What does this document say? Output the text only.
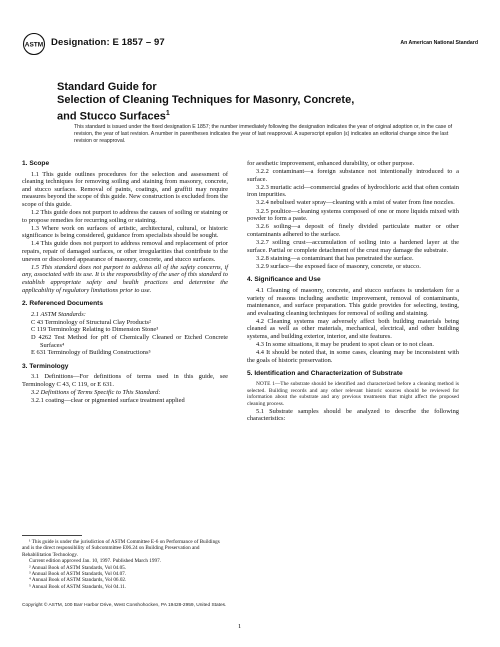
ASTM Designation: E 1857 – 97	An American National Standard
Standard Guide for
Selection of Cleaning Techniques for Masonry, Concrete,
and Stucco Surfaces$^1$
This standard is issued under the fixed designation E 1857; the number immediately following the designation indicates the year of original adoption or, in the case of revision, the year of last revision. A number in parentheses indicates the year of last reapproval. A superscript epsilon (ε) indicates an editorial change since the last revision or reapproval.

1. Scope

1.1 This guide outlines procedures for the selection and assessment of cleaning techniques for removing soiling and staining from masonry, concrete, and stucco surfaces. Removal of paints, coatings, and graffiti may require measures beyond the scope of this guide. New construction is excluded from the scope of this guide.

1.2 This guide does not purport to address the causes of soiling or staining or to propose remedies for recurring soiling or staining.

1.3 Where work on surfaces of artistic, architectural, cultural, or historic significance is being considered, guidance from specialists should be sought.

1.4 This guide does not purport to address removal and replacement of prior repairs, repair of damaged surfaces, or other irregularities that contribute to the uneven or discolored appearance of masonry, concrete, and stucco surfaces.

1.5 This standard does not purport to address all of the safety concerns, if any, associated with its use. It is the responsibility of the user of this standard to establish appropriate safety and health practices and determine the applicability of regulatory limitations prior to use.

2. Referenced Documents

2.1 ASTM Standards:

C 43 Terminology of Structural Clay Products²

C 119 Terminology Relating to Dimension Stone³

D 4262 Test Method for pH of Chemically Cleaned or Etched Concrete Surfaces⁴

E 631 Terminology of Building Constructions⁵

3. Terminology

3.1 Definitions—For definitions of terms used in this guide, see Terminology C 43, C 119, or E 631.

3.2 Definitions of Terms Specific to This Standard:

3.2.1 coating—clear or pigmented surface treatment applied

¹ This guide is under the jurisdiction of ASTM Committee E-6 on Performance of Buildings and is the direct responsibility of Subcommittee E06.24 on Building Preservation and Rehabilitation Technology.

Current edition approved Jan. 10, 1997. Published March 1997.

² Annual Book of ASTM Standards, Vol 04.05.

³ Annual Book of ASTM Standards, Vol 04.07.

⁴ Annual Book of ASTM Standards, Vol 06.02.

⁵ Annual Book of ASTM Standards, Vol 04.11.

for aesthetic improvement, enhanced durability, or other purpose.

3.2.2 contaminant—a foreign substance not intentionally introduced to a surface.

3.2.3 muriatic acid—commercial grades of hydrochloric acid that often contain iron impurities.

3.2.4 nebulised water spray—cleaning with a mist of water from fine nozzles.

3.2.5 poultice—cleaning systems composed of one or more liquids mixed with powder to form a paste.

3.2.6 soiling—a deposit of finely divided particulate matter or other contaminants adhered to the surface.

3.2.7 soiling crust—accumulation of soiling into a hardened layer at the surface. Partial or complete detachment of the crust may damage the substrate.

3.2.8 staining—a contaminant that has penetrated the surface.

3.2.9 surface—the exposed face of masonry, concrete, or stucco.

4. Significance and Use

4.1 Cleaning of masonry, concrete, and stucco surfaces is undertaken for a variety of reasons including aesthetic improvement, removal of contaminants, maintenance, and surface preparation. This guide provides for selecting, testing, and evaluating cleaning techniques for removal of soiling and staining.

4.2 Cleaning systems may adversely affect both building materials being cleaned as well as other materials, mechanical, electrical, and other building systems, and building exterior, interior, and site features.

4.3 In some situations, it may be prudent to spot clean or to not clean.

4.4 It should be noted that, in some cases, cleaning may be inconsistent with the goals of historic preservation.

5. Identification and Characterization of Substrate

NOTE 1—The substrate should be identified and characterized before a cleaning method is selected. Building records and any other relevant historic sources should be reviewed for information about the substrate and any previous treatments that might affect the proposed cleaning process.

5.1 Substrate samples should be analyzed to describe the following characteristics:

Copyright © ASTM, 100 Barr Harbor Drive, West Conshohocken, PA 19428-2959, United States.
1
